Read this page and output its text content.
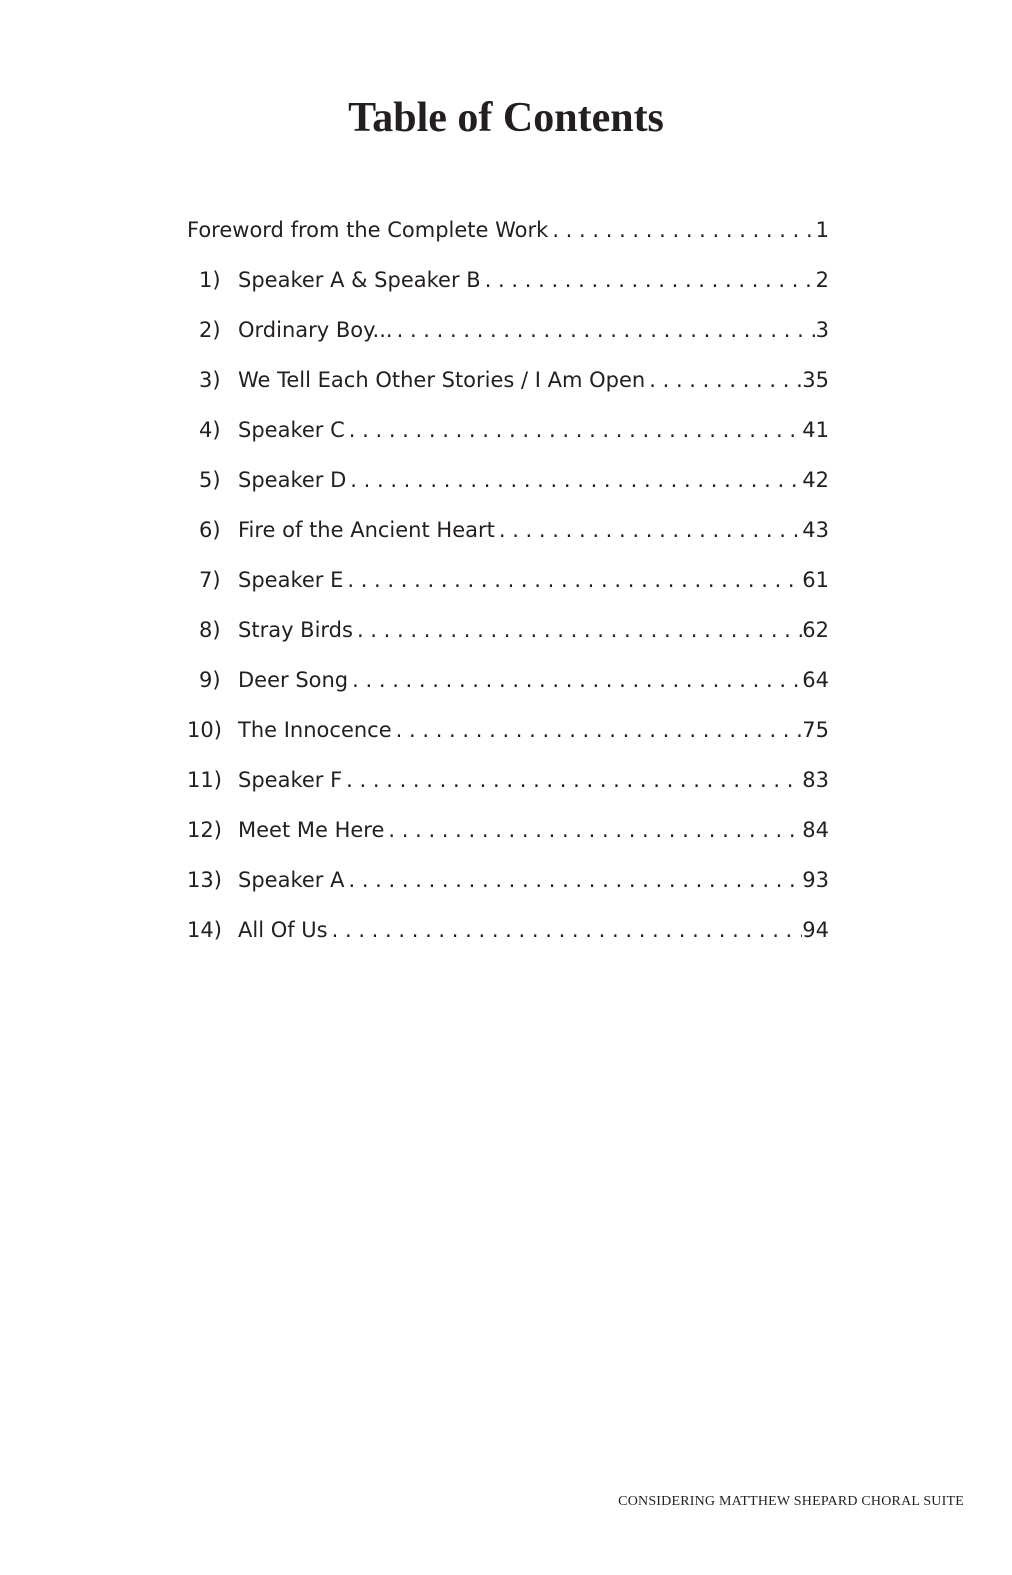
Table of Contents
Foreword from the Complete Work . . .	1
1) Speaker A & Speaker B . . .	2
2) Ordinary Boy... . . .	3
3) We Tell Each Other Stories / I Am Open . . .	35
4) Speaker C . . .	41
5) Speaker D . . .	42
6) Fire of the Ancient Heart . . .	43
7) Speaker E . . .	61
8) Stray Birds . . .	62
9) Deer Song . . .	64
10) The Innocence . . .	75
11) Speaker F . . .	83
12) Meet Me Here . . .	84
13) Speaker A . . .	93
14) All Of Us . . .	94
CONSIDERING MATTHEW SHEPARD CHORAL SUITE
